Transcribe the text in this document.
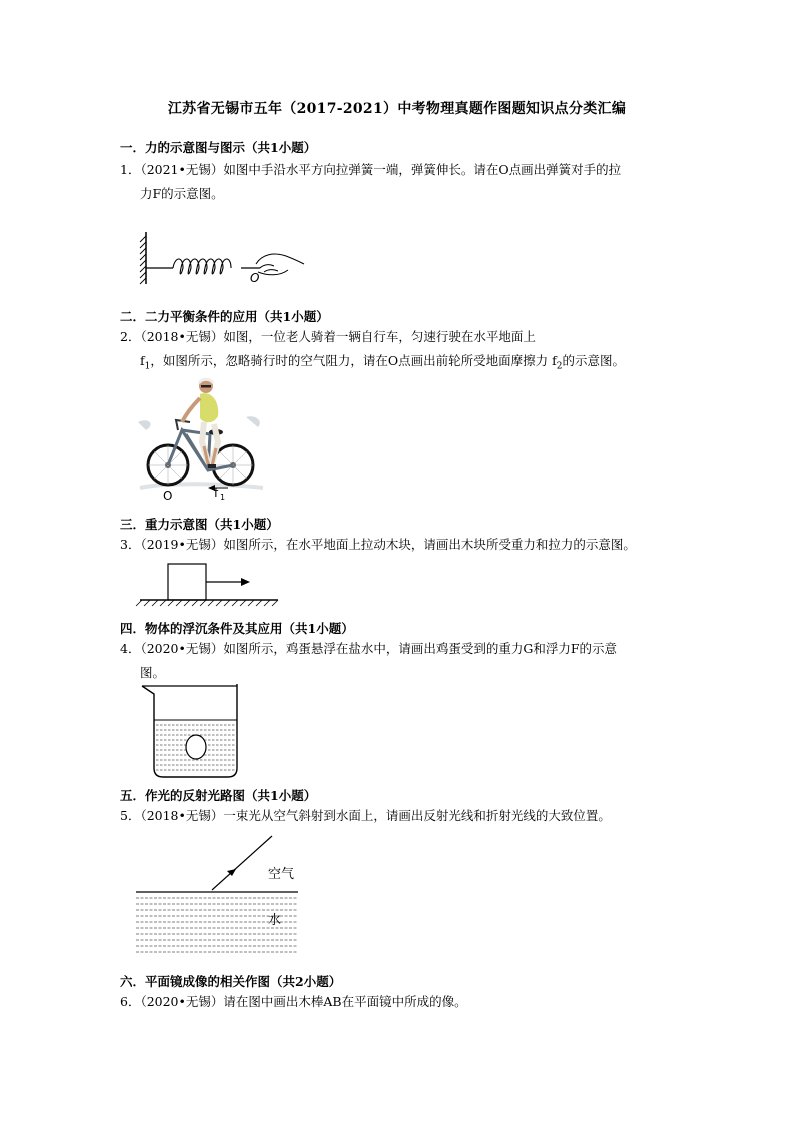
江苏省无锡市五年（2017-2021）中考物理真题作图题知识点分类汇编
一．力的示意图与图示（共1小题）
1．（2021•无锡）如图中手沿水平方向拉弹簧一端，弹簧伸长。请在O点画出弹簧对手的拉
力F的示意图。
O
二．二力平衡条件的应用（共1小题）
2．（2018•无锡）如图，一位老人骑着一辆自行车，匀速行驶在水平地面上
$f_1$，如图所示，忽略骑行时的空气阻力，请在O点画出前轮所受地面摩擦力 $f_2$的示意图。
O	f 1
三．重力示意图（共1小题）
3．（2019•无锡）如图所示，在水平地面上拉动木块，请画出木块所受重力和拉力的示意图。
四．物体的浮沉条件及其应用（共1小题）
4．（2020•无锡）如图所示，鸡蛋悬浮在盐水中，请画出鸡蛋受到的重力G和浮力F的示意
图。
五．作光的反射光路图（共1小题）
5．（2018•无锡）一束光从空气斜射到水面上，请画出反射光线和折射光线的大致位置。
空气
水
六．平面镜成像的相关作图（共2小题）
6．（2020•无锡）请在图中画出木棒AB在平面镜中所成的像。
